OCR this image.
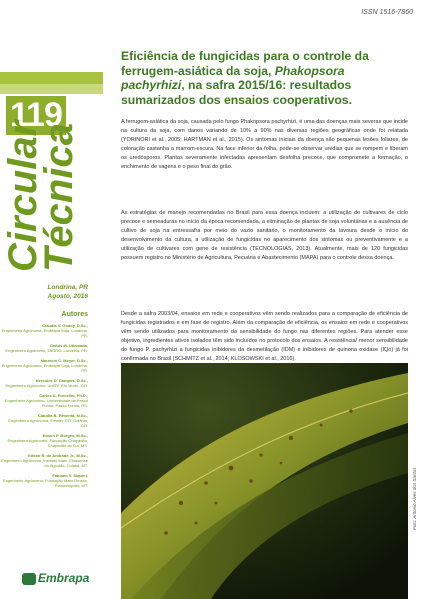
ISSN 1516-7860
119
Circular
Técnica
Londrina, PR
Agosto, 2016
Autores
Cláudia V. Godoy, D.Sc.,
Engenheira Agrônoma, Embrapa Soja, Londrina, PR.
Carlos M. Utiamada,
Engenheiro Agrônomo, TAGRO, Londrina, PR.
Maurício C. Meyer, D.Sc.,
Engenheiro Agrônomo, Embrapa Soja, Londrina, PR.
Hercules D. Campos, D.Sc.,
Engenheiro Agrônomo, UniRV, Rio Verde, GO.
Carlos A. Forcelini, Ph.D.,
Engenheiro Agrônomo, Universidade de Passo Fundo, Passo Fundo, RS.
Cláudia B. Pimenta, M.Sc.,
Engenheira Agrônoma, Emater-GO, Goiânia, GO.
Edson P. Borges, M.Sc.,
Engenheiro Agrônomo, Fundação Chapadão, Chapadão do Sul, MS.
Edson R. de Andrade Jr., M.Sc.,
Engenheiro Agrônomo, Instituto Mato-Grossense do Algodão, Cuiabá, MT.
Fabiano V. Siqueri,
Engenheiro Agrônomo, Fundação Mato Grosso, Rondonópolis, MT.
Embrapa
Eficiência de fungicidas para o controle da ferrugem-asiática da soja, Phakopsora pachyrhizi, na safra 2015/16: resultados sumarizados dos ensaios cooperativos.
A ferrugem-asiática da soja, causada pelo fungo Phakopsora pachyrhizi, é uma das doenças mais severas que incide na cultura da soja, com danos variando de 10% a 90% nas diversas regiões geográficas onde foi relatada (YORINORI et al., 2005; HARTMAN et al., 2015). Os sintomas iniciais da doença são pequenas lesões foliares, de coloração castanha a marrom-escura. Na face inferior da folha, pode-se observar urédias que se rompem e liberam os uredósporos. Plantas severamente infectadas apresentam desfolha precoce, que compromete a formação, o enchimento de vagens e o peso final do grão.
As estratégias de manejo recomendadas no Brasil para essa doença incluem: a utilização de cultivares de ciclo precoce e semeaduras no início da época recomendada, a eliminação de plantas de soja voluntárias e a ausência de cultivo de soja na entressafra por meio do vazio sanitário, o monitoramento da lavoura desde o início do desenvolvimento da cultura, a utilização de fungicidas no aparecimento dos sintomas ou preventivamente e a utilização de cultivares com gene de resistência (TECNOLOGIAS, 2013). Atualmente, mais de 120 fungicidas possuem registro no Ministério de Agricultura, Pecuária e Abastecimento (MAPA) para o controle dessa doença.
Desde a safra 2003/04, ensaios em rede e cooperativos vêm sendo realizados para a comparação de eficiência de fungicidas registrados e em fase de registro. Além da comparação de eficiência, os ensaios em rede e cooperativos vêm sendo utilizados para monitoramento da sensibilidade do fungo nas diferentes regiões. Para atender esse objetivo, ingredientes ativos isolados têm sido incluídos no protocolo dos ensaios. A resistência/ menor sensibilidade do fungo P. pachyrhizi a fungicidas inibidores da desmetilação (IDM) e inibidores de quinona oxidase (IQo) já foi confirmada no Brasil (SCHMITZ et al., 2014; KLOSOWSKI et al., 2016).
Foto: Antonio Alves dos Santos
